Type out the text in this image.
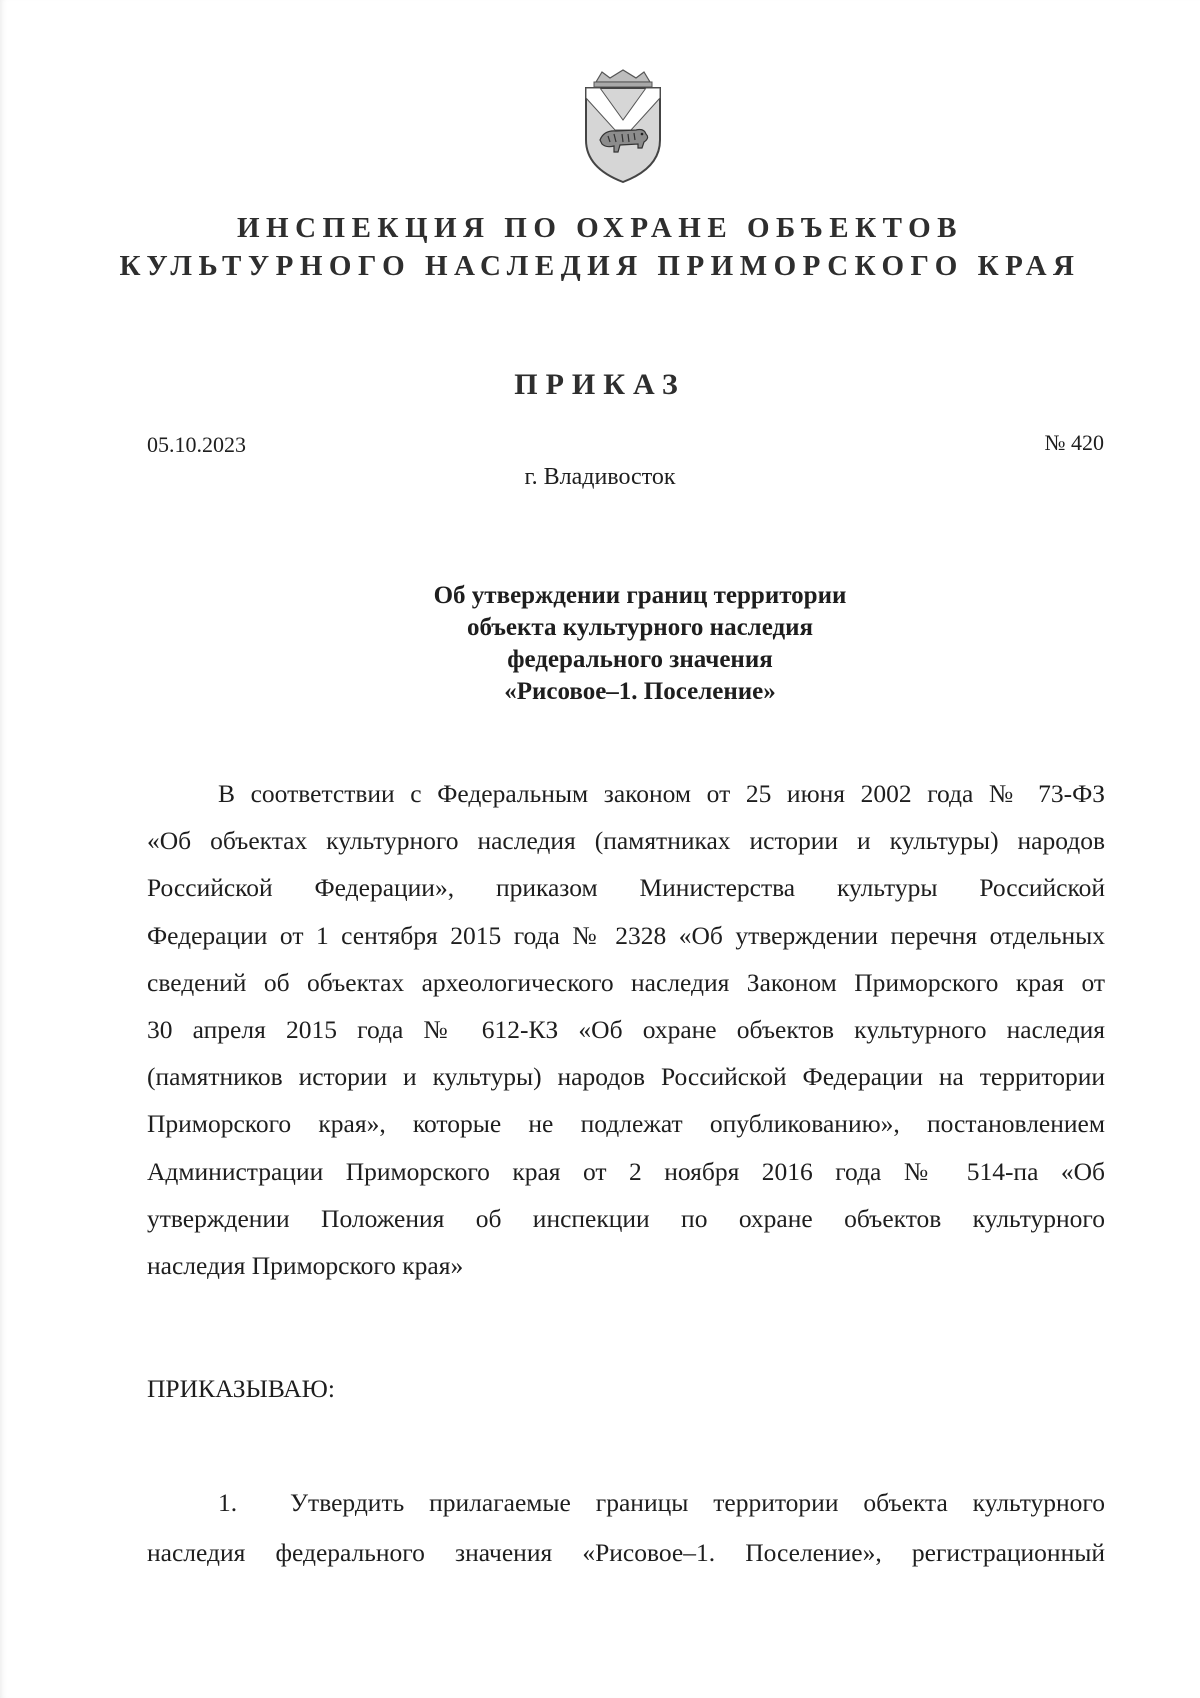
ИНСПЕКЦИЯ ПО ОХРАНЕ ОБЪЕКТОВ
КУЛЬТУРНОГО НАСЛЕДИЯ ПРИМОРСКОГО КРАЯ
ПРИКАЗ
05.10.2023	№ 420
г. Владивосток
Об утверждении границ территории
объекта культурного наследия
федерального значения
«Рисовое–1. Поселение»
В соответствии с Федеральным законом от 25 июня 2002 года № 73-ФЗ
«Об объектах культурного наследия (памятниках истории и культуры) народов
Российской Федерации», приказом Министерства культуры Российской
Федерации от 1 сентября 2015 года № 2328 «Об утверждении перечня отдельных
сведений об объектах археологического наследия Законом Приморского края от
30 апреля 2015 года № 612-КЗ «Об охране объектов культурного наследия
(памятников истории и культуры) народов Российской Федерации на территории
Приморского края», которые не подлежат опубликованию», постановлением
Администрации Приморского края от 2 ноября 2016 года № 514-па «Об
утверждении Положения об инспекции по охране объектов культурного
наследия Приморского края»
ПРИКАЗЫВАЮ:
1.	Утвердить прилагаемые границы территории объекта культурного
наследия федерального значения «Рисовое–1. Поселение», регистрационный
